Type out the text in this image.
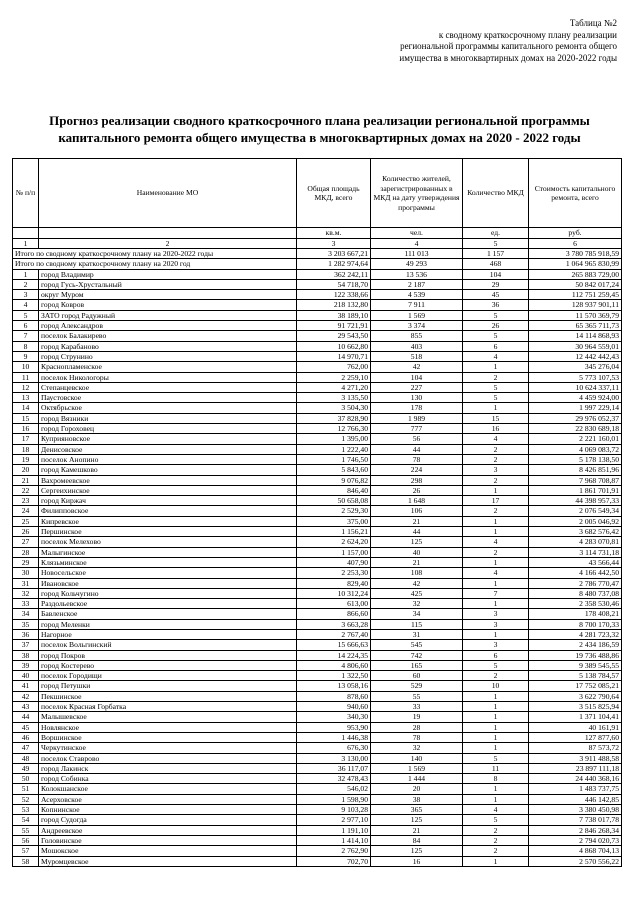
Таблица №2
к сводному краткосрочному плану реализации
региональной программы капитального ремонта общего
имущества в многоквартирных домах на 2020-2022 годы
Прогноз реализации сводного краткосрочного плана реализации региональной программы
капитального ремонта общего имущества в многоквартирных домах на 2020 - 2022 годы
№ п/п	Наименование МО	Общая площадь МКД, всего	Количество жителей, зарегистрированных в МКД на дату утверждения программы	Количество МКД	Стоимость капитального ремонта, всего
		кв.м.	чел.	ед.	руб.
1	2	3	4	5	6
Итого по сводному краткосрочному плану на 2020-2022 годы		3 203 667,21	111 013	1 157	3 780 785 918,59
Итого по сводному краткосрочному плану на 2020 год		1 282 974,64	49 293	468	1 064 965 830,99
1	город Владимир	362 242,11	13 536	104	265 883 729,00
2	город Гусь-Хрустальный	54 718,70	2 187	29	50 842 017,24
3	округ Муром	122 338,66	4 539	45	112 751 259,45
4	город Ковров	218 132,80	7 911	36	128 937 901,11
5	ЗАТО город Радужный	38 189,10	1 569	5	11 570 369,79
6	город Александров	91 721,91	3 374	26	65 365 711,73
7	поселок Балакирево	29 543,50	855	5	14 114 868,93
8	город Карабаново	10 662,80	403	6	30 964 559,01
9	город Струнино	14 970,71	518	4	12 442 442,43
10	Краснопламенское	762,00	42	1	345 276,04
11	поселок Никологоры	2 259,10	104	2	5 773 107,53
12	Степанцевское	4 271,20	227	5	10 624 337,11
13	Паустовское	3 135,50	130	5	4 459 924,00
14	Октябрьское	3 504,30	178	1	1 997 229,14
15	город Вязники	37 828,90	1 989	15	29 976 052,37
16	город Гороховец	12 766,30	777	16	22 830 689,18
17	Куприяновское	1 395,00	56	4	2 221 160,01
18	Денисовское	1 222,40	44	2	4 069 083,72
19	поселок Анопино	1 746,50	78	2	5 178 138,50
20	город Камешково	5 843,60	224	3	8 426 851,96
21	Вахромеевское	9 076,82	298	2	7 968 708,87
22	Сергеихинское	846,40	26	1	1 861 701,91
23	город Киржач	50 658,08	1 648	17	44 398 957,33
24	Филипповское	2 529,30	106	2	2 076 549,34
25	Кипревское	375,00	21	1	2 005 046,92
26	Першинское	1 156,21	44	1	3 682 576,42
27	поселок Мелехово	2 624,20	125	4	4 283 070,81
28	Малыгинское	1 157,00	40	2	3 114 731,18
29	Клязьминское	407,90	21	1	43 566,44
30	Новосельское	2 253,30	108	4	4 166 442,50
31	Ивановское	829,40	42	1	2 786 770,47
32	город Кольчугино	10 312,24	425	7	8 480 737,08
33	Раздольевское	613,00	32	1	2 358 530,46
34	Бавленское	866,60	34	3	178 408,21
35	город Меленки	3 663,28	115	3	8 700 170,33
36	Нагорное	2 767,40	31	1	4 281 723,32
37	поселок Вольгинский	15 666,63	545	3	2 434 186,59
38	город Покров	14 224,35	742	6	19 736 488,86
39	город Костерево	4 806,60	165	5	9 389 545,55
40	поселок Городищи	1 322,50	60	2	5 138 784,57
41	город Петушки	13 058,16	529	10	17 752 085,21
42	Пекшинское	878,60	55	1	3 622 790,64
43	поселок Красная Горбатка	940,60	33	1	3 515 825,94
44	Малышевское	340,30	19	1	1 371 104,41
45	Новлянское	953,90	28	1	40 161,91
46	Воршинское	1 446,38	78	1	127 877,60
47	Черкутинское	676,30	32	1	87 573,72
48	поселок Ставрово	3 130,00	140	5	3 911 488,58
49	город Лакинск	36 117,07	1 569	11	23 897 111,18
50	город Собинка	32 478,43	1 444	8	24 440 368,16
51	Колокшанское	546,02	20	1	1 483 737,75
52	Асерховское	1 598,90	38	1	446 142,85
53	Копнинское	9 103,28	365	4	3 380 450,98
54	город Судогда	2 977,10	125	5	7 738 017,78
55	Андреевское	1 191,10	21	2	2 846 268,34
56	Головинское	1 414,10	84	2	2 794 020,73
57	Мошокское	2 762,90	125	2	4 868 704,13
58	Муромцевское	702,70	16	1	2 570 556,22
